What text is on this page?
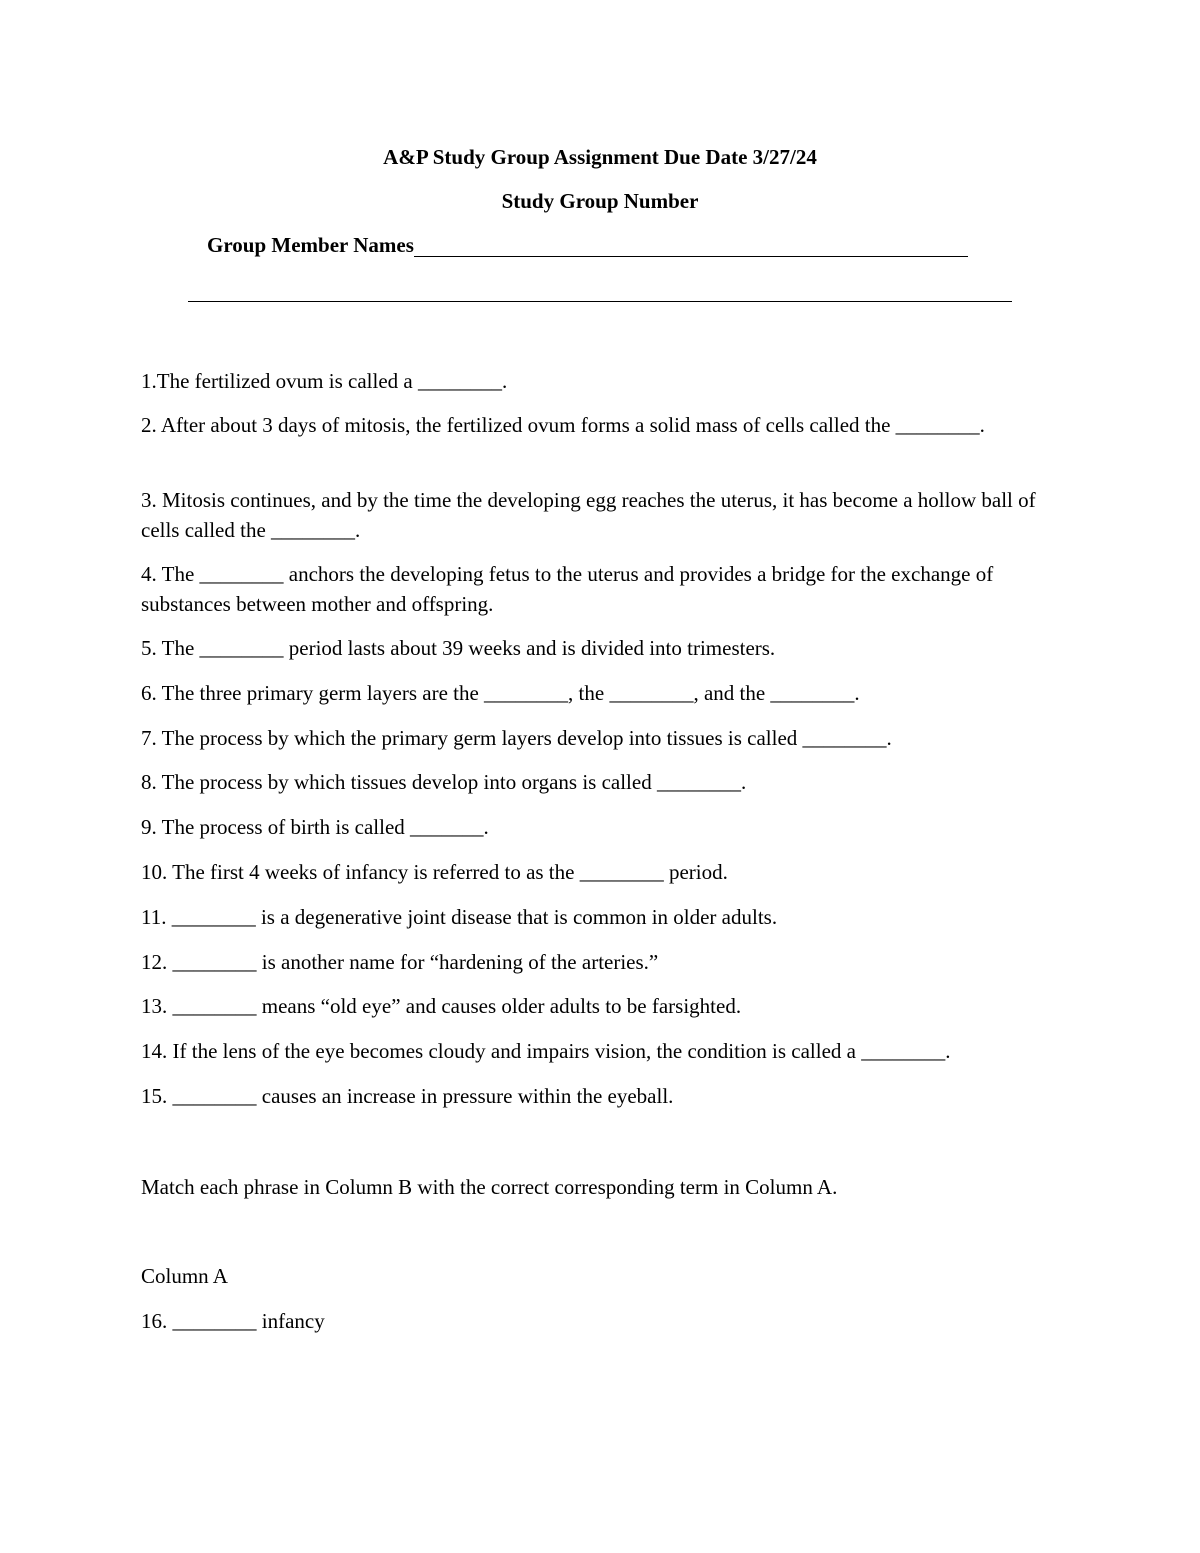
A&P Study Group Assignment Due Date 3/27/24
Study Group Number
Group Member Names
1.The fertilized ovum is called a ________.
2. After about 3 days of mitosis, the fertilized ovum forms a solid mass of cells called the ________.
3. Mitosis continues, and by the time the developing egg reaches the uterus, it has become a hollow ball of cells called the ________.
4. The ________ anchors the developing fetus to the uterus and provides a bridge for the exchange of substances between mother and offspring.
5. The ________ period lasts about 39 weeks and is divided into trimesters.
6. The three primary germ layers are the ________, the ________, and the ________.
7. The process by which the primary germ layers develop into tissues is called ________.
8. The process by which tissues develop into organs is called ________.
9. The process of birth is called _______.
10. The first 4 weeks of infancy is referred to as the ________ period.
11. ________ is a degenerative joint disease that is common in older adults.
12. ________ is another name for “hardening of the arteries.”
13. ________ means “old eye” and causes older adults to be farsighted.
14. If the lens of the eye becomes cloudy and impairs vision, the condition is called a ________.
15. ________ causes an increase in pressure within the eyeball.
Match each phrase in Column B with the correct corresponding term in Column A.
Column A
16. ________ infancy
